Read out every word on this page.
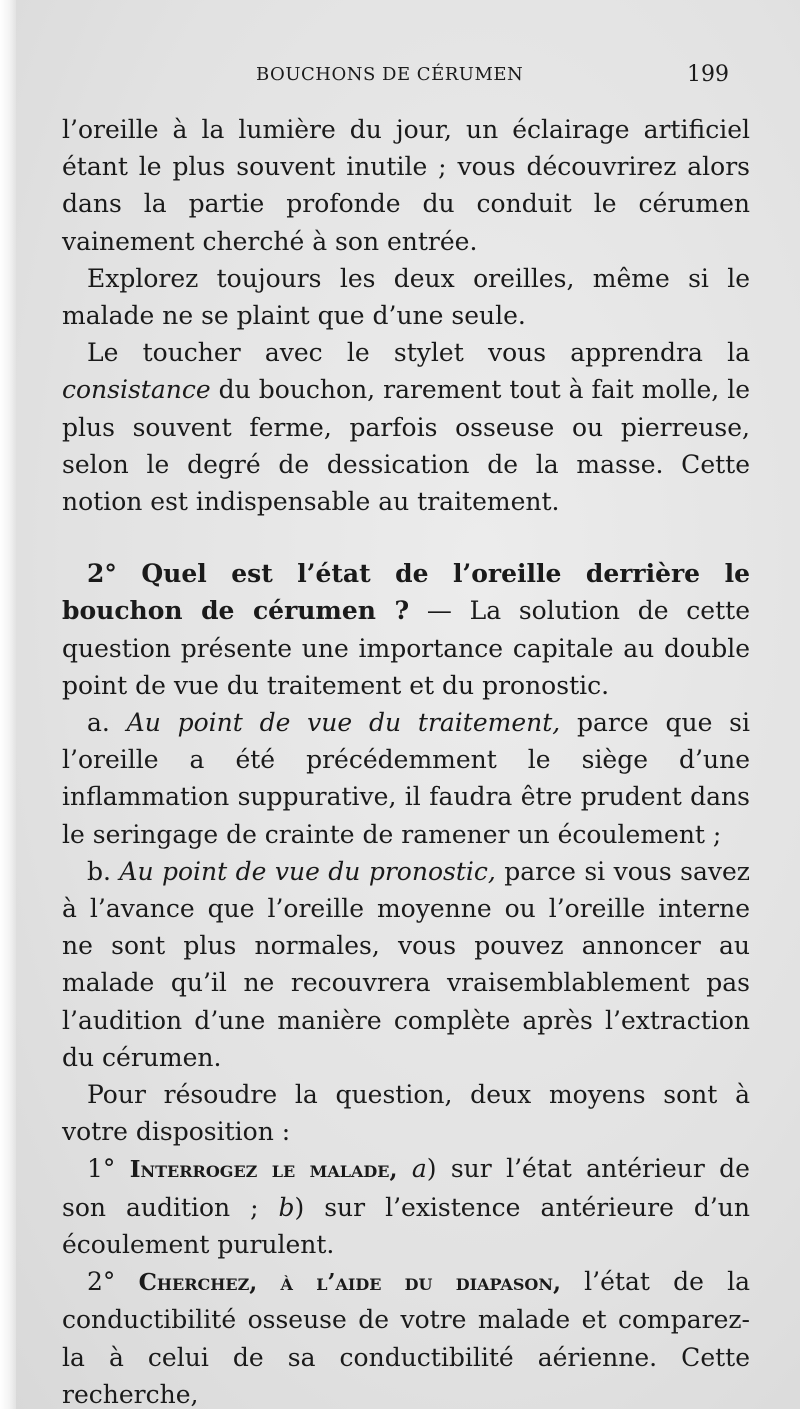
BOUCHONS DE CÉRUMEN	199

l’oreille à la lumière du jour, un éclairage artificiel étant le plus souvent inutile ; vous découvrirez alors dans la partie profonde du conduit le cérumen vainement cherché à son entrée.

Explorez toujours les deux oreilles, même si le malade ne se plaint que d’une seule.

Le toucher avec le stylet vous apprendra la consistance du bouchon, rarement tout à fait molle, le plus souvent ferme, parfois osseuse ou pierreuse, selon le degré de dessication de la masse. Cette notion est indispensable au traitement.

2° Quel est l’état de l’oreille derrière le bouchon de cérumen ? — La solution de cette question présente une importance capitale au double point de vue du traitement et du pronostic.

a. Au point de vue du traitement, parce que si l’oreille a été précédemment le siège d’une inflammation suppurative, il faudra être prudent dans le seringage de crainte de ramener un écoulement ;

b. Au point de vue du pronostic, parce si vous savez à l’avance que l’oreille moyenne ou l’oreille interne ne sont plus normales, vous pouvez annoncer au malade qu’il ne recouvrera vraisemblablement pas l’audition d’une manière complète après l’extraction du cérumen.

Pour résoudre la question, deux moyens sont à votre disposition :

1° Interrogez le malade, a) sur l’état antérieur de son audition ; b) sur l’existence antérieure d’un écoulement purulent.

2° Cherchez, à l’aide du diapason, l’état de la conductibilité osseuse de votre malade et comparez-la à celui de sa conductibilité aérienne. Cette recherche,
